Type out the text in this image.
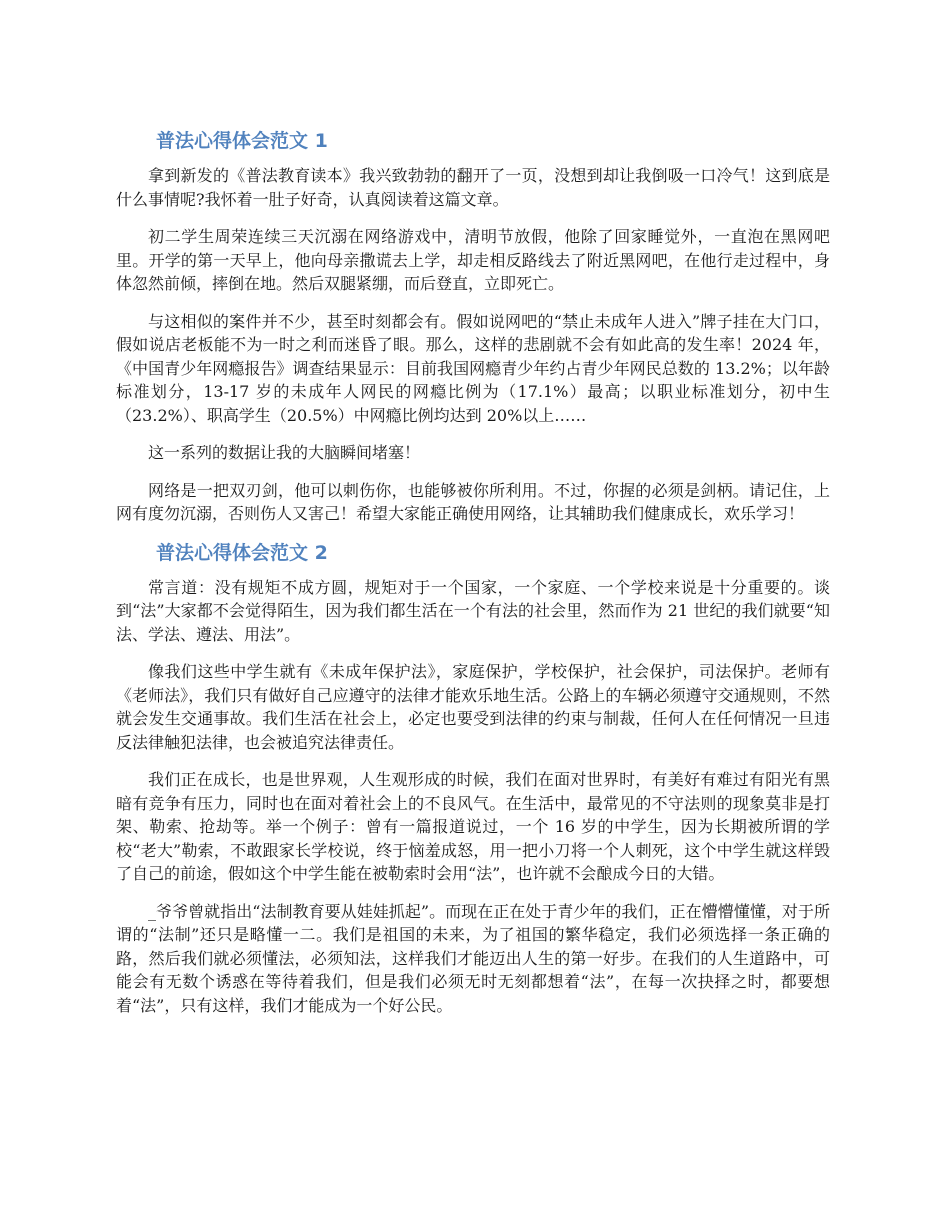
普法心得体会范文 1

拿到新发的《普法教育读本》我兴致勃勃的翻开了一页，没想到却让我倒吸一口冷气！这到底是什么事情呢?我怀着一肚子好奇，认真阅读着这篇文章。

初二学生周荣连续三天沉溺在网络游戏中，清明节放假，他除了回家睡觉外，一直泡在黑网吧里。开学的第一天早上，他向母亲撒谎去上学，却走相反路线去了附近黑网吧，在他行走过程中，身体忽然前倾，摔倒在地。然后双腿紧绷，而后登直，立即死亡。

与这相似的案件并不少，甚至时刻都会有。假如说网吧的“禁止未成年人进入”牌子挂在大门口，假如说店老板能不为一时之利而迷昏了眼。那么，这样的悲剧就不会有如此高的发生率！2024 年，《中国青少年网瘾报告》调查结果显示：目前我国网瘾青少年约占青少年网民总数的 13.2%；以年龄标准划分，13-17 岁的未成年人网民的网瘾比例为（17.1%）最高；以职业标准划分，初中生（23.2%）、职高学生（20.5%）中网瘾比例均达到 20%以上……

这一系列的数据让我的大脑瞬间堵塞！

网络是一把双刃剑，他可以刺伤你，也能够被你所利用。不过，你握的必须是剑柄。请记住，上网有度勿沉溺，否则伤人又害己！希望大家能正确使用网络，让其辅助我们健康成长，欢乐学习！

普法心得体会范文 2

常言道：没有规矩不成方圆，规矩对于一个国家，一个家庭、一个学校来说是十分重要的。谈到“法”大家都不会觉得陌生，因为我们都生活在一个有法的社会里，然而作为 21 世纪的我们就要“知法、学法、遵法、用法”。

像我们这些中学生就有《未成年保护法》，家庭保护，学校保护，社会保护，司法保护。老师有《老师法》，我们只有做好自己应遵守的法律才能欢乐地生活。公路上的车辆必须遵守交通规则，不然就会发生交通事故。我们生活在社会上，必定也要受到法律的约束与制裁，任何人在任何情况一旦违反法律触犯法律，也会被追究法律责任。

我们正在成长，也是世界观，人生观形成的时候，我们在面对世界时，有美好有难过有阳光有黑暗有竞争有压力，同时也在面对着社会上的不良风气。在生活中，最常见的不守法则的现象莫非是打架、勒索、抢劫等。举一个例子：曾有一篇报道说过，一个 16 岁的中学生，因为长期被所谓的学校“老大”勒索，不敢跟家长学校说，终于恼羞成怒，用一把小刀将一个人刺死，这个中学生就这样毁了自己的前途，假如这个中学生能在被勒索时会用“法”，也许就不会酿成今日的大错。

_爷爷曾就指出“法制教育要从娃娃抓起”。而现在正在处于青少年的我们，正在懵懵懂懂，对于所谓的“法制”还只是略懂一二。我们是祖国的未来，为了祖国的繁华稳定，我们必须选择一条正确的路，然后我们就必须懂法，必须知法，这样我们才能迈出人生的第一好步。在我们的人生道路中，可能会有无数个诱惑在等待着我们，但是我们必须无时无刻都想着“法”，在每一次抉择之时，都要想着“法”，只有这样，我们才能成为一个好公民。
